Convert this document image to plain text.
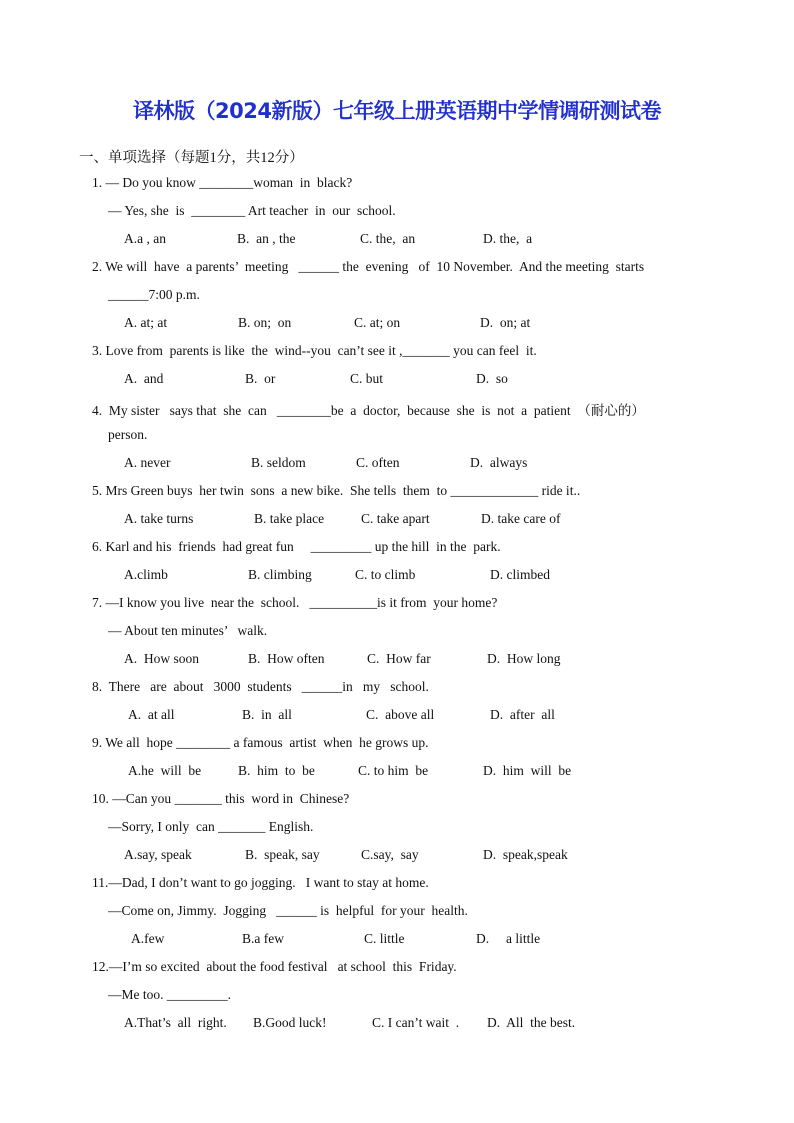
译林版（2024新版）七年级上册英语期中学情调研测试卷
一、单项选择（每题1分，共12分）
1. — Do you know ________woman  in  black?
— Yes, she  is  ________ Art teacher  in  our  school.
A.a , an	B.  an , the	C. the,  an	D. the,  a
2. We will  have  a parents’  meeting   ______ the  evening   of  10 November.  And the meeting  starts
______7:00 p.m.
A. at; at	B. on;  on	C. at; on	D.  on; at
3. Love from  parents is like  the  wind--you  can’t see it ,_______ you can feel  it.
A.  and	B.  or	C. but	D.  so
4.  My sister   says that  she  can   ________be  a  doctor,  because  she  is  not  a  patient  （耐心的）
person.
A. never	B. seldom	C. often	D.  always
5. Mrs Green buys  her twin  sons  a new bike.  She tells  them  to _____________ ride it..
A. take turns	B. take place	C. take apart	D. take care of
6. Karl and his  friends  had great fun     _________ up the hill  in the  park.
A.climb	B. climbing	C. to climb	D. climbed
7. —I know you live  near the  school.   __________is it from  your home?
— About ten minutes’   walk.
A.  How soon	B.  How often	C.  How far	D.  How long
8.  There   are  about   3000  students   ______in   my   school.
A.  at all	B.  in  all	C.  above all	D.  after  all
9. We all  hope ________ a famous  artist  when  he grows up.
A.he  will  be	B.  him  to  be	C. to him  be	D.  him  will  be
10. —Can you _______ this  word in  Chinese?
—Sorry, I only  can _______ English.
A.say, speak	B.  speak, say	C.say,  say	D.  speak,speak
11.—Dad, I don’t want to go jogging.   I want to stay at home.
—Come on, Jimmy.  Jogging   ______ is  helpful  for your  health.
A.few	B.a few	C. little	D.     a little
12.—I’m so excited  about the food festival   at school  this  Friday.
—Me too. _________.
A.That’s  all  right. B.Good luck!	C. I can’t wait  . D.  All  the best.
